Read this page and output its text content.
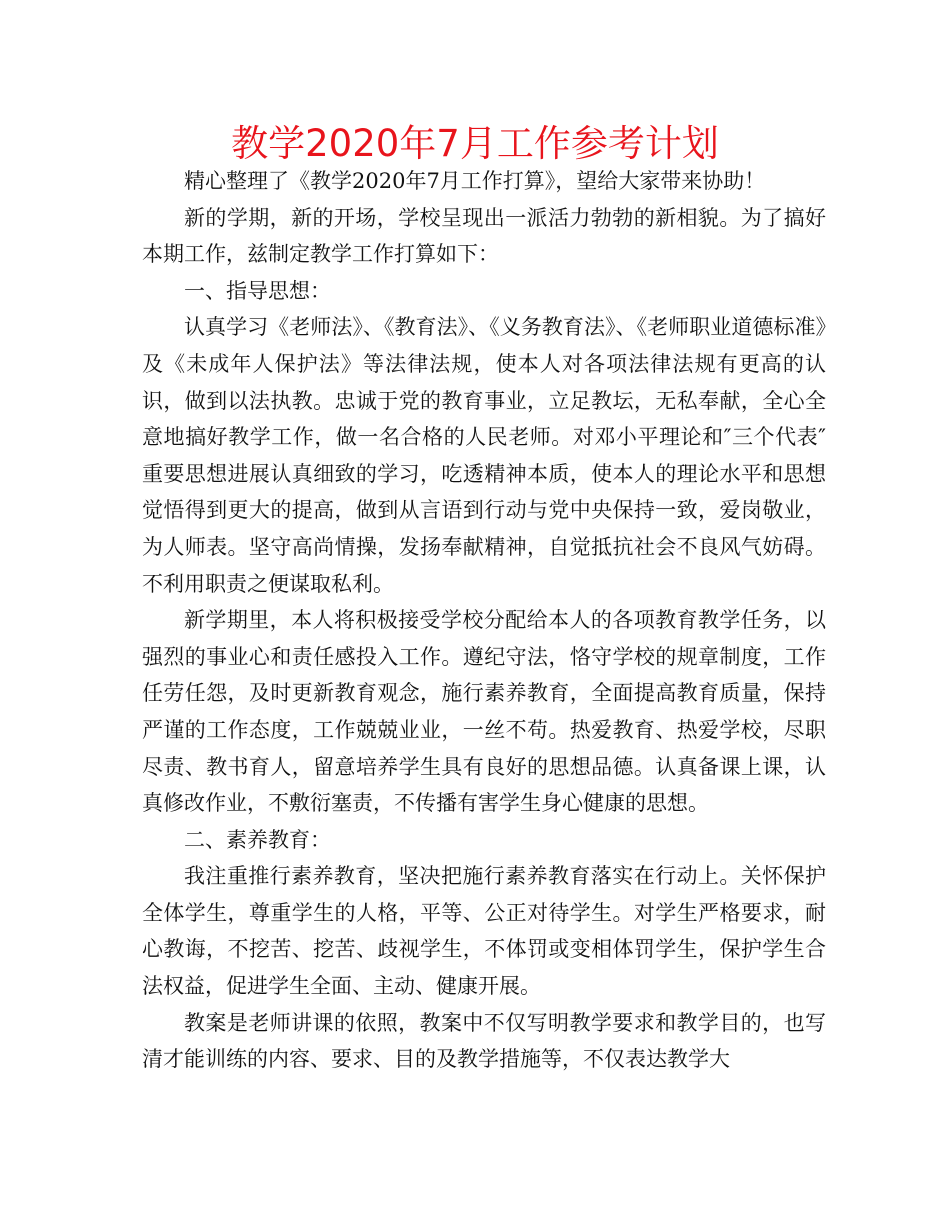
教学2020年7月工作参考计划

精心整理了《教学2020年7月工作打算》，望给大家带来协助！

新的学期，新的开场，学校呈现出一派活力勃勃的新相貌。为了搞好本期工作，兹制定教学工作打算如下：

一、指导思想：

认真学习《老师法》、《教育法》、《义务教育法》、《老师职业道德标准》及《未成年人保护法》等法律法规，使本人对各项法律法规有更高的认识，做到以法执教。忠诚于党的教育事业，立足教坛，无私奉献，全心全意地搞好教学工作，做一名合格的人民老师。对邓小平理论和″三个代表″重要思想进展认真细致的学习，吃透精神本质，使本人的理论水平和思想觉悟得到更大的提高，做到从言语到行动与党中央保持一致，爱岗敬业，为人师表。坚守高尚情操，发扬奉献精神，自觉抵抗社会不良风气妨碍。不利用职责之便谋取私利。

新学期里，本人将积极接受学校分配给本人的各项教育教学任务，以强烈的事业心和责任感投入工作。遵纪守法，恪守学校的规章制度，工作任劳任怨，及时更新教育观念，施行素养教育，全面提高教育质量，保持严谨的工作态度，工作兢兢业业，一丝不苟。热爱教育、热爱学校，尽职尽责、教书育人，留意培养学生具有良好的思想品德。认真备课上课，认真修改作业，不敷衍塞责，不传播有害学生身心健康的思想。

二、素养教育：

我注重推行素养教育，坚决把施行素养教育落实在行动上。关怀保护全体学生，尊重学生的人格，平等、公正对待学生。对学生严格要求，耐心教诲，不挖苦、挖苦、歧视学生，不体罚或变相体罚学生，保护学生合法权益，促进学生全面、主动、健康开展。

教案是老师讲课的依照，教案中不仅写明教学要求和教学目的，也写清才能训练的内容、要求、目的及教学措施等，不仅表达教学大
